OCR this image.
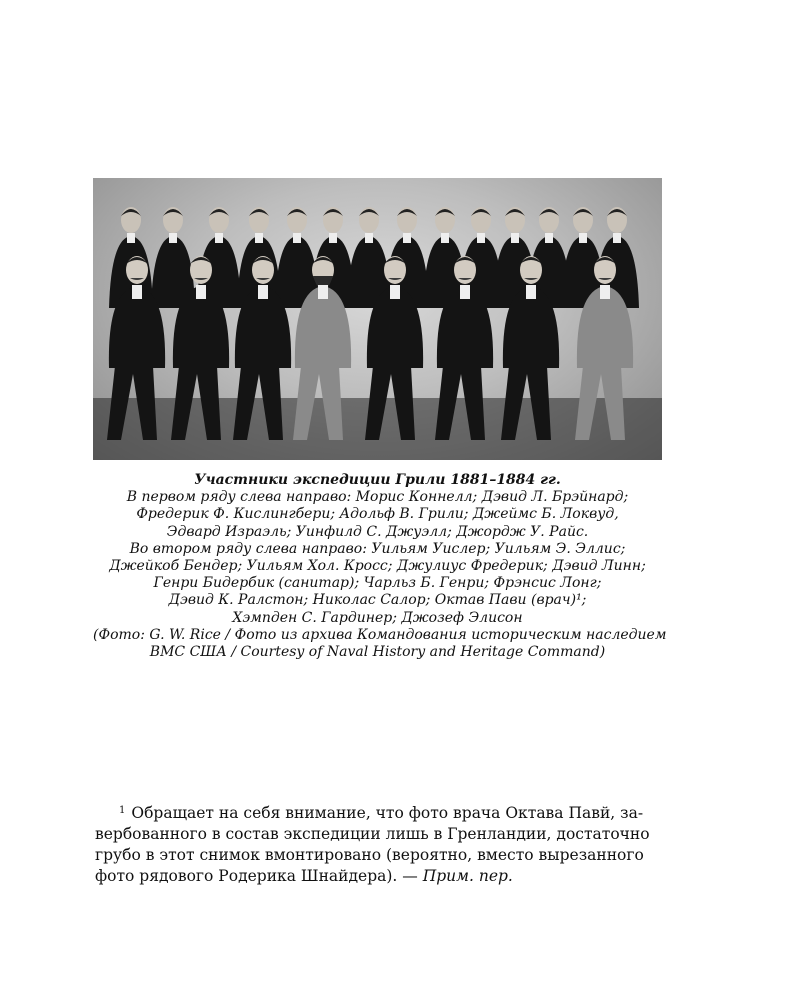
Участники экспедиции Грили 1881–1884 гг.
В первом ряду слева направо: Морис Коннелл; Дэвид Л. Брэйнард;
Фредерик Ф. Кислингбери; Адольф В. Грили; Джеймс Б. Локвуд,
Эдвард Израэль; Уинфилд С. Джуэлл; Джордж У. Райс.
Во втором ряду слева направо: Уильям Уислер; Уильям Э. Эллис;
Джейкоб Бендер; Уильям Хол. Кросс; Джулиус Фредерик; Дэвид Линн;
Генри Бидербик (санитар); Чарльз Б. Генри; Фрэнсис Лонг;
Дэвид К. Ралстон; Николас Салор; Октав Пави (врач)¹;
Хэмпден С. Гардинер; Джозеф Элисон
(Фото: G. W. Rice / Фото из архива Командования историческим наследием
ВМС США / Courtesy of Naval History and Heritage Command)
$^1$ Обращает на себя внимание, что фото врача Октава Павй, за-
вербованного в состав экспедиции лишь в Гренландии, достаточно
грубо в этот снимок вмонтировано (вероятно, вместо вырезанного
фото рядового Родерика Шнайдера). — Прим. пер.
